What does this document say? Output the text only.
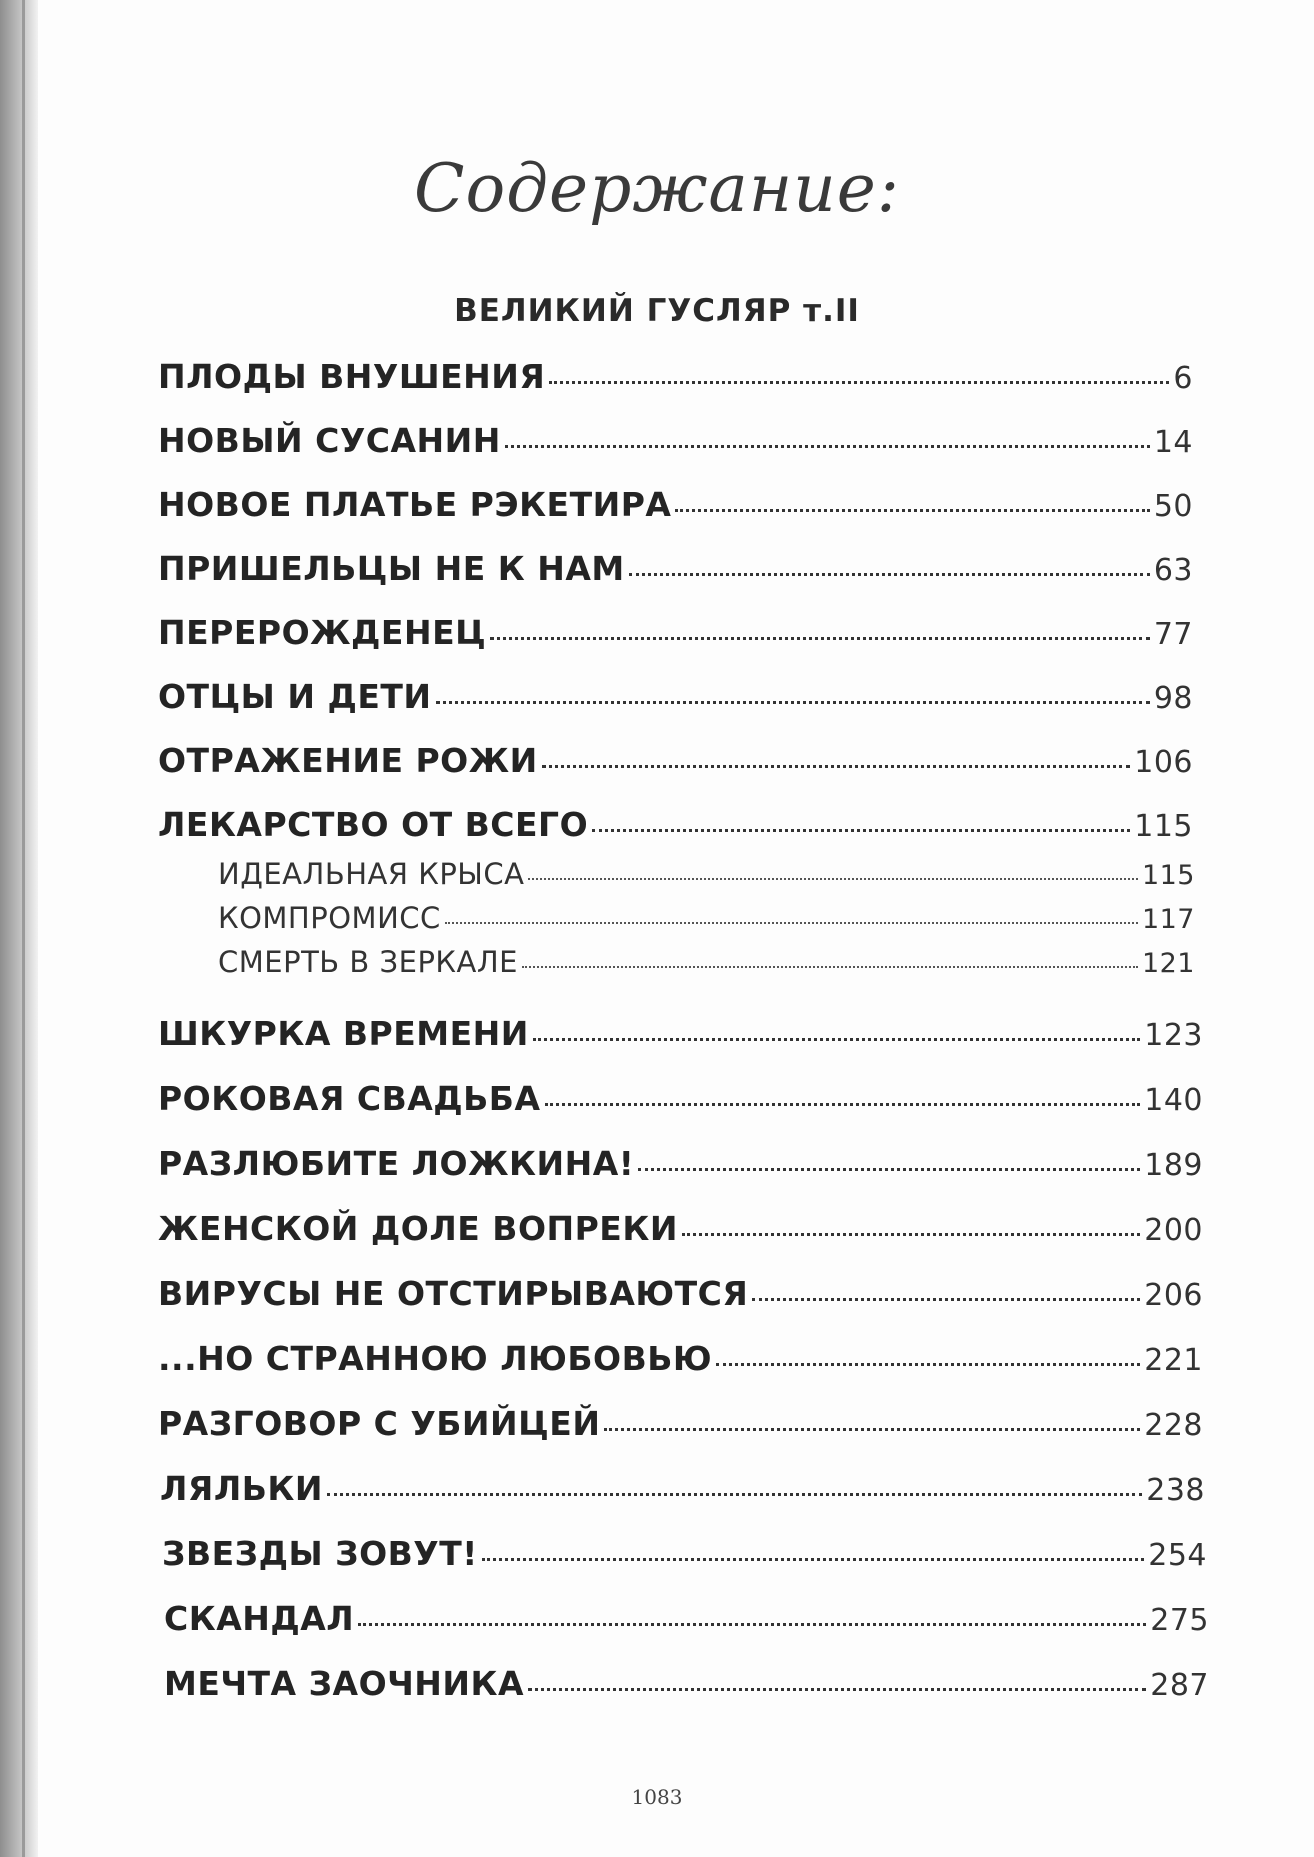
Содержание:
ВЕЛИКИЙ ГУСЛЯР т.II
ПЛОДЫ ВНУШЕНИЯ	6
НОВЫЙ СУСАНИН	14
НОВОЕ ПЛАТЬЕ РЭКЕТИРА	50
ПРИШЕЛЬЦЫ НЕ К НАМ	63
ПЕРЕРОЖДЕНЕЦ	77
ОТЦЫ И ДЕТИ	98
ОТРАЖЕНИЕ РОЖИ	106
ЛЕКАРСТВО ОТ ВСЕГО	115
ИДЕАЛЬНАЯ КРЫСА	115
КОМПРОМИСС	117
СМЕРТЬ В ЗЕРКАЛЕ	121
ШКУРКА ВРЕМЕНИ	123
РОКОВАЯ СВАДЬБА	140
РАЗЛЮБИТЕ ЛОЖКИНА!	189
ЖЕНСКОЙ ДОЛЕ ВОПРЕКИ	200
ВИРУСЫ НЕ ОТСТИРЫВАЮТСЯ	206
...НО СТРАННОЮ ЛЮБОВЬЮ	221
РАЗГОВОР С УБИЙЦЕЙ	228
ЛЯЛЬКИ	238
ЗВЕЗДЫ ЗОВУТ!	254
СКАНДАЛ	275
МЕЧТА ЗАОЧНИКА	287
1083
